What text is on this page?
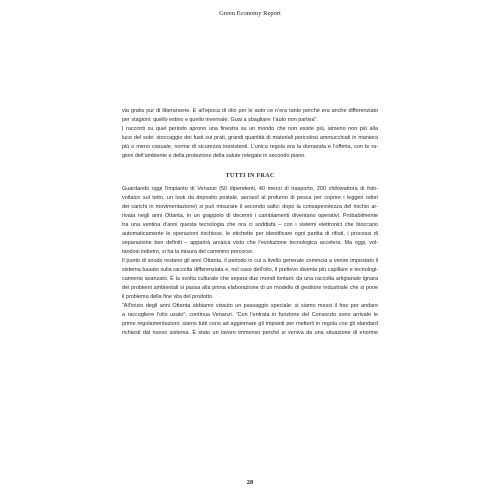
Green Economy Report

via gratis pur di liberarsene. E all’epoca di olio per le auto ce n’era tanto perché era anche differenziato
per stagioni: quello estivo e quello invernale. Guai a sbagliare: l’auto non partiva”.

I racconti su quel periodo aprono una finestra su un mondo che non esiste più, almeno non più alla
luce del sole: stoccaggio dei fusti sui prati, grandi quantità di materiali pericolosi ammucchiati in maniera
più o meno casuale, norme di sicurezza inesistenti. L’unica regola era la domanda e l’offerta, con le ra-
gioni dell’ambiente e della protezione della salute relegate in secondo piano.

TUTTI IN FRAC

Guardando oggi l’impianto di Venanzi (50 dipendenti, 40 mezzi di trasporto, 200 chilowattora di foto-
voltaico sul tetto, un look da deposito postale, aerosol al profumo di pesca per coprire i leggeri odori
dei carichi in movimentazione) si può misurare il secondo salto: dopo la consapevolezza del rischio ar-
rivata negli anni Ottanta, in un grappolo di decenni i cambiamenti diventano operativi. Probabilmente
tra una ventina d’anni questa tecnologia che ora ci soddisfa – con i sistemi elettronici che bloccano
automaticamente le operazioni rischiose, le etichette per identificare ogni partita di rifiuti, i processi di
separazione ben definiti – apparirà arcaica visto che l’evoluzione tecnologica accelera. Ma oggi, vol-
tandosi indietro, si ha la misura del cammino percorso.

Il punto di snodo restano gli anni Ottanta, il periodo in cui a livello generale comincia a venire impostato il
sistema basato sulla raccolta differenziata e, nel caso dell’olio, il prelievo diventa più capillare e tecnologi-
camente avanzato. È la svolta culturale che separa due mondi lontani: da una raccolta artigianale ignara
dei problemi ambientali si passa alla prima elaborazione di un modello di gestione industriale che si pone
il problema della fine vita del prodotto.

“All’inizio degli anni Ottanta abbiamo vissuto un passaggio speciale: si siamo messi il frac per andare
a raccogliere l’olio usato”, continua Venanzi. “Con l’entrata in funzione del Consorzio sono arrivate le
prime regolamentazioni: siamo tutti corsi ad aggiornare gli impianti per metterli in regola con gli standard
richiesti dal nuovo sistema. È stato un lavoro immenso perché si veniva da una situazione di enorme

28
